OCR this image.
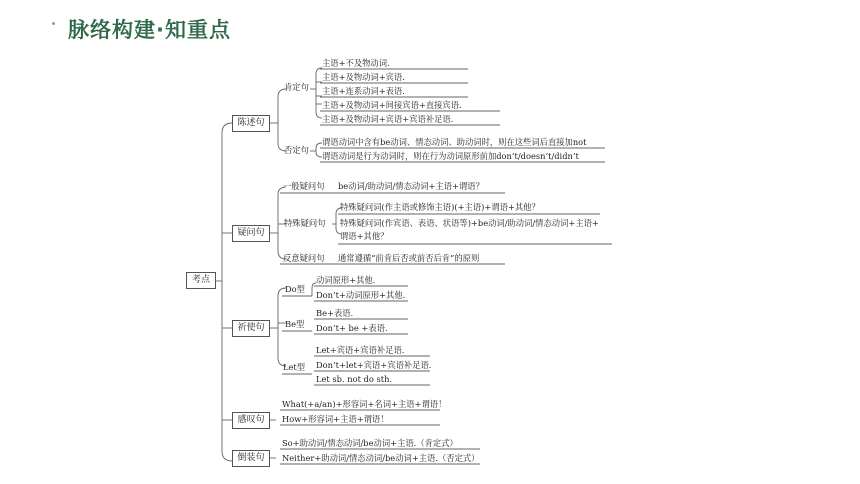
脉络构建·知重点
考点
陈述句
肯定句
主语+不及物动词.
主语+及物动词+宾语.
主语+连系动词+表语.
主语+及物动词+间接宾语+直接宾语.
主语+及物动词+宾语+宾语补足语.
否定句
谓语动词中含有be动词、情态动词、助动词时，则在这些词后直接加not
谓语动词是行为动词时，则在行为动词原形前加don’t/doesn’t/didn’t
疑问句
一般疑问句 be动词/助动词/情态动词+主语+谓语？
特殊疑问句
特殊疑问词(作主语或修饰主语)(+主语)+谓语+其他？
特殊疑问词(作宾语、表语、状语等)+be动词/助动词/情态动词+主语+
谓语+其他？
反意疑问句 通常遵循“前肯后否或前否后肯”的原则
祈使句
Do型
动词原形+其他.
Don’t+动词原形+其他.
Be型
Be+表语.
Don’t+ be +表语.
Let型
Let+宾语+宾语补足语.
Don’t+let+宾语+宾语补足语.
Let sb. not do sth.
感叹句
What(+a/an)+形容词+名词+主语+谓语！
How+形容词+主语+谓语！
倒装句
So+助动词/情态动词/be动词+主语.（肯定式）
Neither+助动词/情态动词/be动词+主语.（否定式）
